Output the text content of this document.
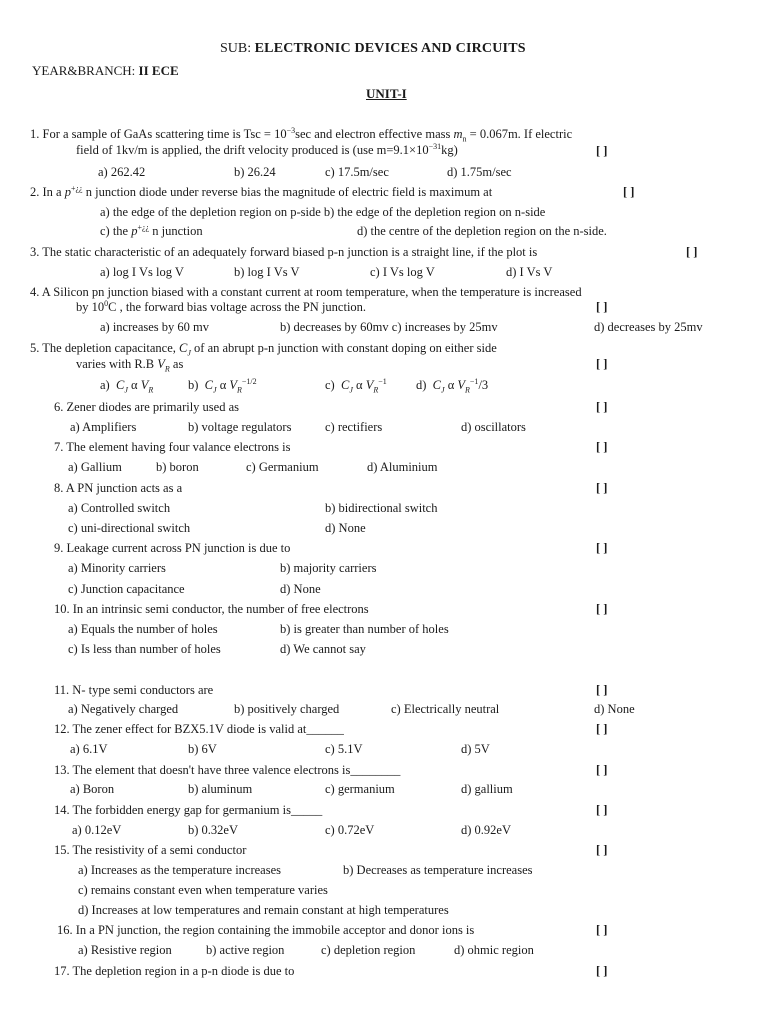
SUB: ELECTRONIC DEVICES AND CIRCUITS
YEAR&BRANCH: II ECE
UNIT-I
1. For a sample of GaAs scattering time is Tsc = $10^{-3}\sec$ and electron effective mass $m_n = 0.067m$. If electric
field of 1kv/m is applied, the drift velocity produced is (use $m=9.1\times 10^{-31}kg$)	[ ]
a) 262.42	b) 26.24	c) 17.5m/sec	d) 1.75m/sec
2. In a p+¿¿ n junction diode under reverse bias the magnitude of electric field is maximum at	[ ]
a) the edge of the depletion region on p-side b) the edge of the depletion region on n-side
c) the p+¿¿ n junction	d) the centre of the depletion region on the n-side.
3. The static characteristic of an adequately forward biased p-n junction is a straight line, if the plot is	[ ]
a) log I Vs log V	b) log I Vs V	c) I Vs log V	d) I Vs V
4. A Silicon pn junction biased with a constant current at room temperature, when the temperature is increased
by $10^0C$ , the forward bias voltage across the PN junction.	[ ]
a) increases by 60 mv	b) decreases by 60mv c) increases by 25mv	d) decreases by 25mv
5. The depletion capacitance, $C_J$ of an abrupt p-n junction with constant doping on either side
varies with R.B $V_R$ as	[ ]
a) $C_J$ α $V_R$	b) $C_J$ α $V_R^{-1/2}$	c) $C_J$ α $V_R^{-1}$ d) $C_J$ α $V_R^{-1}/3$
6. Zener diodes are primarily used as	[ ]
a) Amplifiers	b) voltage regulators	c) rectifiers	d) oscillators
7. The element having four valance electrons is	[ ]
a) Gallium	b) boron	c) Germanium	d) Aluminium
8. A PN junction acts as a	[ ]
a) Controlled switch	b) bidirectional switch
c) uni-directional switch	d) None
9. Leakage current across PN junction is due to	[ ]
a) Minority carriers	b) majority carriers
c) Junction capacitance	d) None
10. In an intrinsic semi conductor, the number of free electrons	[ ]
a) Equals the number of holes	b) is greater than number of holes
c) Is less than number of holes	d) We cannot say
11. N- type semi conductors are	[ ]
a) Negatively charged	b) positively charged	c) Electrically neutral	d) None
12. The zener effect for BZX5.1V diode is valid at______	[ ]
a) 6.1V	b) 6V	c) 5.1V	d) 5V
13. The element that doesn't have three valence electrons is________	[ ]
a) Boron	b) aluminum	c) germanium	d) gallium
14. The forbidden energy gap for germanium is_____	[ ]
a) 0.12eV	b) 0.32eV	c) 0.72eV	d) 0.92eV
15. The resistivity of a semi conductor	[ ]
a) Increases as the temperature increases	b) Decreases as temperature increases
c) remains constant even when temperature varies
d) Increases at low temperatures and remain constant at high temperatures
16. In a PN junction, the region containing the immobile acceptor and donor ions is	[ ]
a) Resistive region	b) active region	c) depletion region	d) ohmic region
17. The depletion region in a p-n diode is due to	[ ]
